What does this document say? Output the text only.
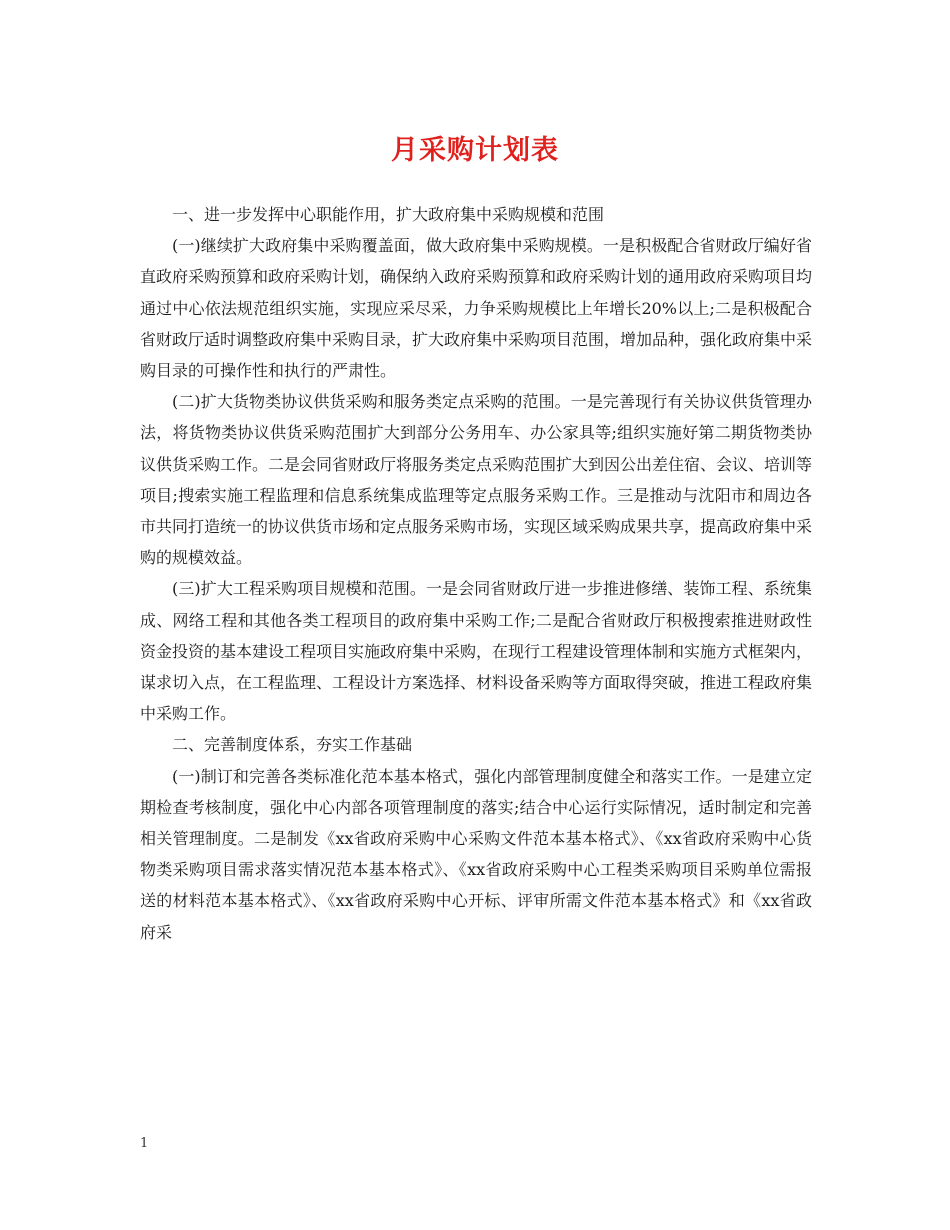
月采购计划表

一、进一步发挥中心职能作用，扩大政府集中采购规模和范围

(一)继续扩大政府集中采购覆盖面，做大政府集中采购规模。一是积极配合省财政厅编好省直政府采购预算和政府采购计划，确保纳入政府采购预算和政府采购计划的通用政府采购项目均通过中心依法规范组织实施，实现应采尽采，力争采购规模比上年增长20%以上;二是积极配合省财政厅适时调整政府集中采购目录，扩大政府集中采购项目范围，增加品种，强化政府集中采购目录的可操作性和执行的严肃性。

(二)扩大货物类协议供货采购和服务类定点采购的范围。一是完善现行有关协议供货管理办法，将货物类协议供货采购范围扩大到部分公务用车、办公家具等;组织实施好第二期货物类协议供货采购工作。二是会同省财政厅将服务类定点采购范围扩大到因公出差住宿、会议、培训等项目;搜索实施工程监理和信息系统集成监理等定点服务采购工作。三是推动与沈阳市和周边各市共同打造统一的协议供货市场和定点服务采购市场，实现区域采购成果共享，提高政府集中采购的规模效益。

(三)扩大工程采购项目规模和范围。一是会同省财政厅进一步推进修缮、装饰工程、系统集成、网络工程和其他各类工程项目的政府集中采购工作;二是配合省财政厅积极搜索推进财政性资金投资的基本建设工程项目实施政府集中采购，在现行工程建设管理体制和实施方式框架内，谋求切入点，在工程监理、工程设计方案选择、材料设备采购等方面取得突破，推进工程政府集中采购工作。

二、完善制度体系，夯实工作基础

(一)制订和完善各类标准化范本基本格式，强化内部管理制度健全和落实工作。一是建立定期检查考核制度，强化中心内部各项管理制度的落实;结合中心运行实际情况，适时制定和完善相关管理制度。二是制发《xx省政府采购中心采购文件范本基本格式》、《xx省政府采购中心货物类采购项目需求落实情况范本基本格式》、《xx省政府采购中心工程类采购项目采购单位需报送的材料范本基本格式》、《xx省政府采购中心开标、评审所需文件范本基本格式》和《xx省政府采

1
